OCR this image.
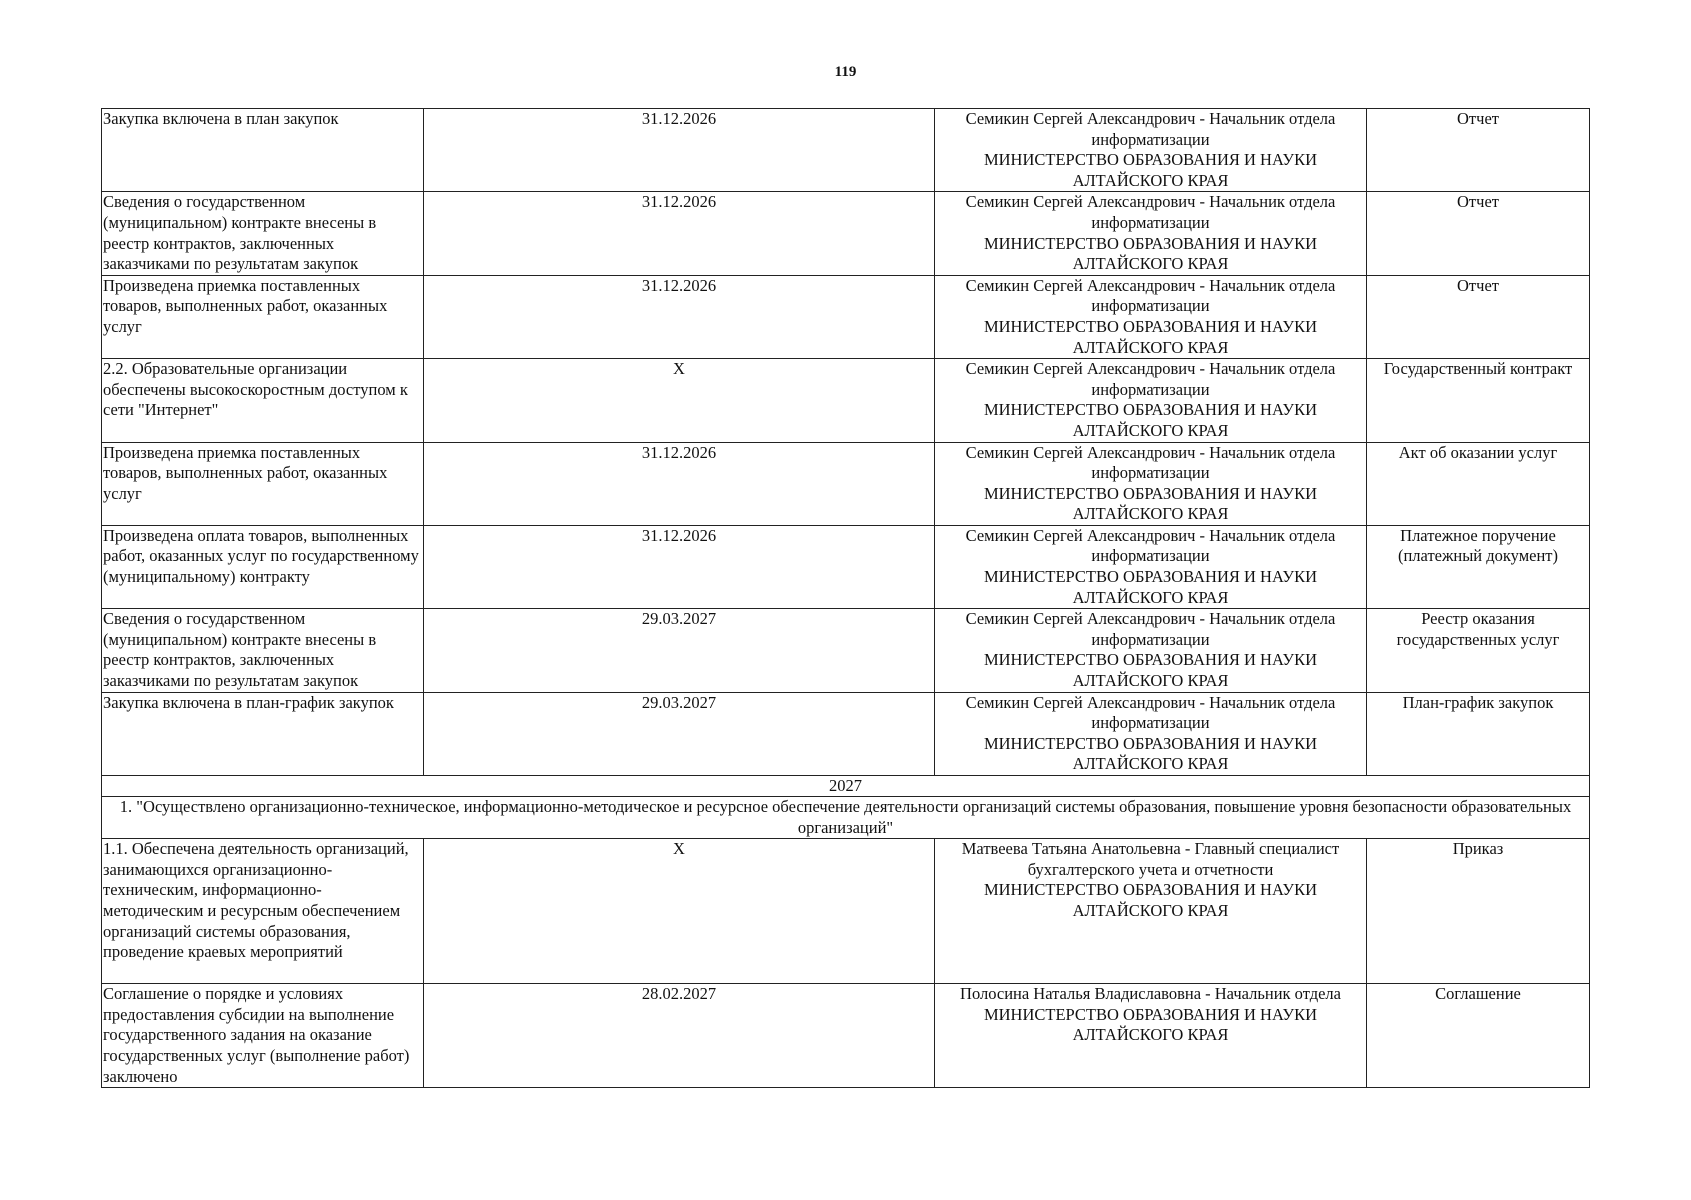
119
Закупка включена в план закупок	31.12.2026	Семикин Сергей Александрович - Начальник отдела информатизации
МИНИСТЕРСТВО ОБРАЗОВАНИЯ И НАУКИ АЛТАЙСКОГО КРАЯ	Отчет
Сведения о государственном (муниципальном) контракте внесены в реестр контрактов, заключенных заказчиками по результатам закупок	31.12.2026	Семикин Сергей Александрович - Начальник отдела информатизации
МИНИСТЕРСТВО ОБРАЗОВАНИЯ И НАУКИ АЛТАЙСКОГО КРАЯ	Отчет
Произведена приемка поставленных товаров, выполненных работ, оказанных услуг	31.12.2026	Семикин Сергей Александрович - Начальник отдела информатизации
МИНИСТЕРСТВО ОБРАЗОВАНИЯ И НАУКИ АЛТАЙСКОГО КРАЯ	Отчет
2.2. Образовательные организации обеспечены высокоскоростным доступом к сети "Интернет"	X	Семикин Сергей Александрович - Начальник отдела информатизации
МИНИСТЕРСТВО ОБРАЗОВАНИЯ И НАУКИ АЛТАЙСКОГО КРАЯ	Государственный контракт
Произведена приемка поставленных товаров, выполненных работ, оказанных услуг	31.12.2026	Семикин Сергей Александрович - Начальник отдела информатизации
МИНИСТЕРСТВО ОБРАЗОВАНИЯ И НАУКИ АЛТАЙСКОГО КРАЯ	Акт об оказании услуг
Произведена оплата товаров, выполненных работ, оказанных услуг по государственному (муниципальному) контракту	31.12.2026	Семикин Сергей Александрович - Начальник отдела информатизации
МИНИСТЕРСТВО ОБРАЗОВАНИЯ И НАУКИ АЛТАЙСКОГО КРАЯ	Платежное поручение (платежный документ)
Сведения о государственном (муниципальном) контракте внесены в реестр контрактов, заключенных заказчиками по результатам закупок	29.03.2027	Семикин Сергей Александрович - Начальник отдела информатизации
МИНИСТЕРСТВО ОБРАЗОВАНИЯ И НАУКИ АЛТАЙСКОГО КРАЯ	Реестр оказания государственных услуг
Закупка включена в план-график закупок	29.03.2027	Семикин Сергей Александрович - Начальник отдела информатизации
МИНИСТЕРСТВО ОБРАЗОВАНИЯ И НАУКИ АЛТАЙСКОГО КРАЯ	План-график закупок
2027			
1. "Осуществлено организационно-техническое, информационно-методическое и ресурсное обеспечение деятельности организаций системы образования, повышение уровня безопасности образовательных организаций"			
1.1. Обеспечена деятельность организаций, занимающихся организационно-техническим, информационно-методическим и ресурсным обеспечением организаций системы образования, проведение краевых мероприятий	X	Матвеева Татьяна Анатольевна - Главный специалист бухгалтерского учета и отчетности
МИНИСТЕРСТВО ОБРАЗОВАНИЯ И НАУКИ АЛТАЙСКОГО КРАЯ	Приказ
Соглашение о порядке и условиях предоставления субсидии на выполнение государственного задания на оказание государственных услуг (выполнение работ) заключено	28.02.2027	Полосина Наталья Владиславовна - Начальник отдела
МИНИСТЕРСТВО ОБРАЗОВАНИЯ И НАУКИ АЛТАЙСКОГО КРАЯ	Соглашение
